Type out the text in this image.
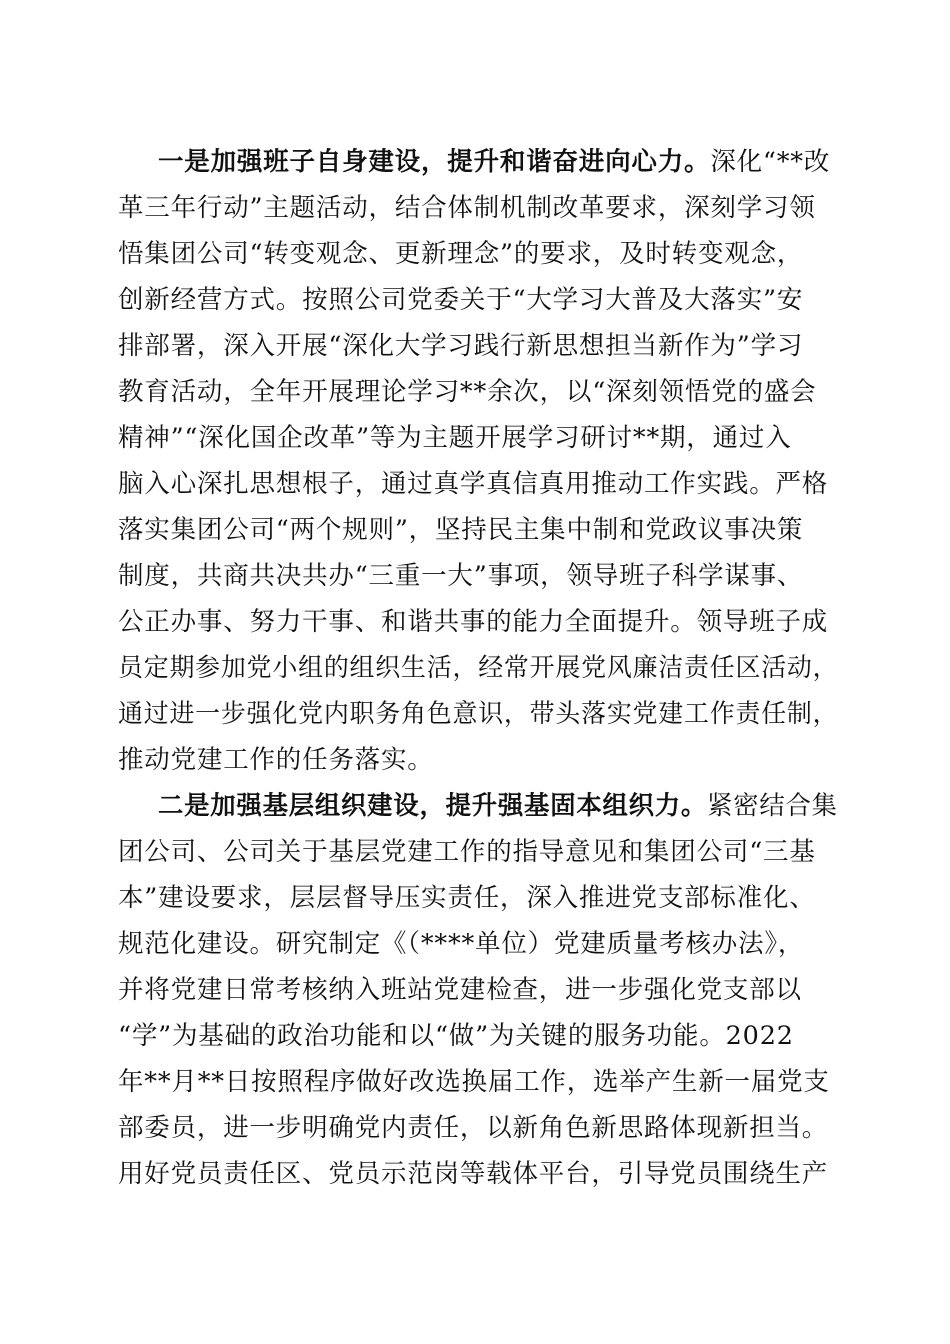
一是加强班子自身建设，提升和谐奋进向心力。深化“**改
革三年行动”主题活动，结合体制机制改革要求，深刻学习领
悟集团公司“转变观念、更新理念”的要求，及时转变观念，
创新经营方式。按照公司党委关于“大学习大普及大落实”安
排部署，深入开展“深化大学习践行新思想担当新作为”学习
教育活动，全年开展理论学习**余次，以“深刻领悟党的盛会
精神”“深化国企改革”等为主题开展学习研讨**期，通过入
脑入心深扎思想根子，通过真学真信真用推动工作实践。严格
落实集团公司“两个规则”，坚持民主集中制和党政议事决策
制度，共商共决共办“三重一大”事项，领导班子科学谋事、
公正办事、努力干事、和谐共事的能力全面提升。领导班子成
员定期参加党小组的组织生活，经常开展党风廉洁责任区活动，
通过进一步强化党内职务角色意识，带头落实党建工作责任制，
推动党建工作的任务落实。
二是加强基层组织建设，提升强基固本组织力。紧密结合集
团公司、公司关于基层党建工作的指导意见和集团公司“三基
本”建设要求，层层督导压实责任，深入推进党支部标准化、
规范化建设。研究制定《（****单位）党建质量考核办法》，
并将党建日常考核纳入班站党建检查，进一步强化党支部以
“学”为基础的政治功能和以“做”为关键的服务功能。2022
年**月**日按照程序做好改选换届工作，选举产生新一届党支
部委员，进一步明确党内责任，以新角色新思路体现新担当。
用好党员责任区、党员示范岗等载体平台，引导党员围绕生产
